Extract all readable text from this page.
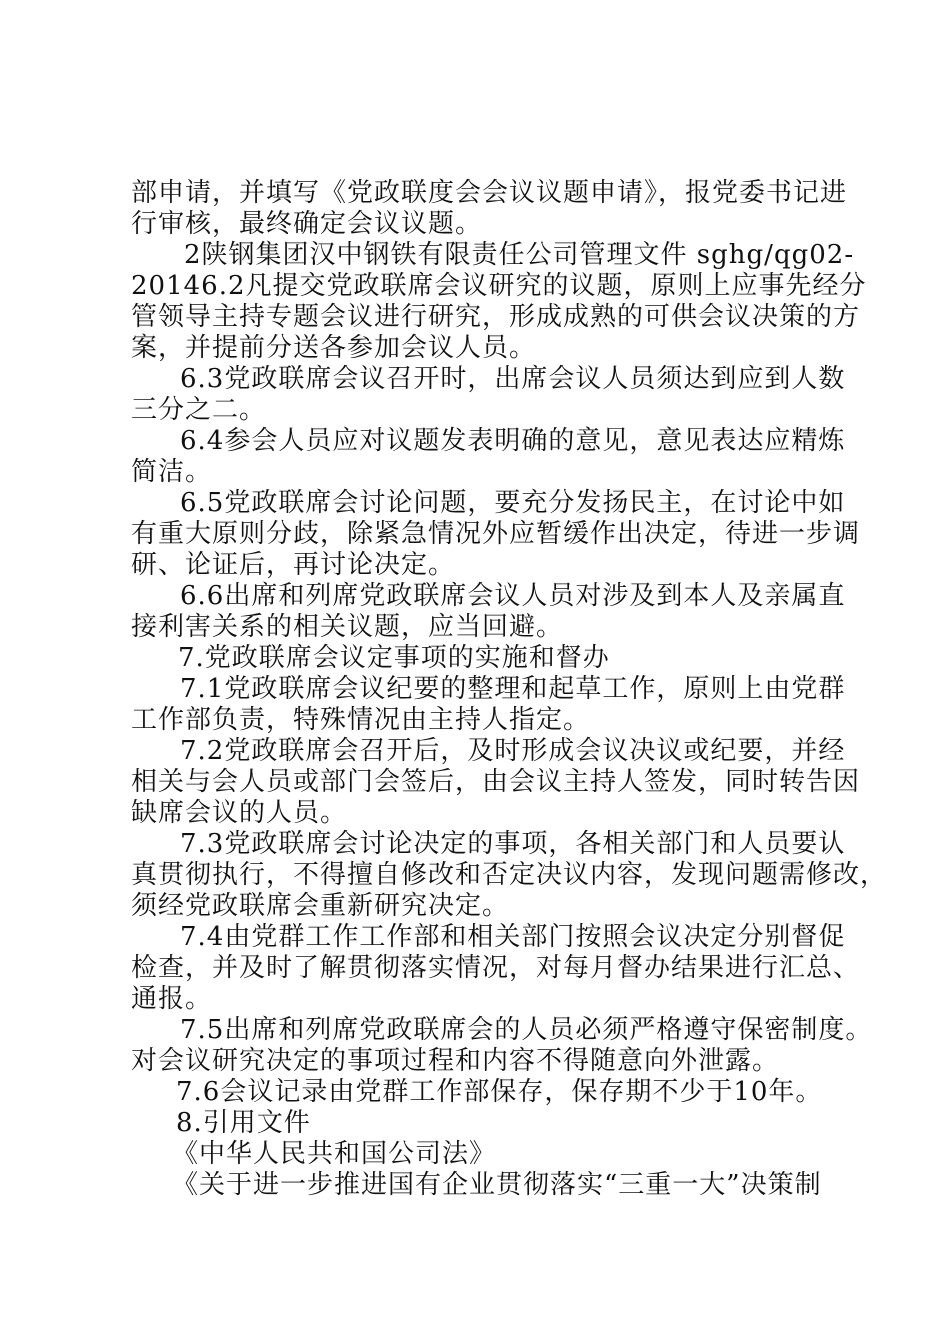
部申请，并填写《党政联度会会议议题申请》，报党委书记进
行审核，最终确定会议议题。
2陕钢集团汉中钢铁有限责任公司管理文件 sghg/qg02-
20146.2凡提交党政联席会议研究的议题，原则上应事先经分
管领导主持专题会议进行研究，形成成熟的可供会议决策的方
案，并提前分送各参加会议人员。
6.3党政联席会议召开时，出席会议人员须达到应到人数
三分之二。
6.4参会人员应对议题发表明确的意见，意见表达应精炼
简洁。
6.5党政联席会讨论问题，要充分发扬民主，在讨论中如
有重大原则分歧，除紧急情况外应暂缓作出决定，待进一步调
研、论证后，再讨论决定。
6.6出席和列席党政联席会议人员对涉及到本人及亲属直
接利害关系的相关议题，应当回避。
7.党政联席会议定事项的实施和督办
7.1党政联席会议纪要的整理和起草工作，原则上由党群
工作部负责，特殊情况由主持人指定。
7.2党政联席会召开后，及时形成会议决议或纪要，并经
相关与会人员或部门会签后，由会议主持人签发，同时转告因
缺席会议的人员。
7.3党政联席会讨论决定的事项，各相关部门和人员要认
真贯彻执行，不得擅自修改和否定决议内容，发现问题需修改，
须经党政联席会重新研究决定。
7.4由党群工作工作部和相关部门按照会议决定分别督促
检查，并及时了解贯彻落实情况，对每月督办结果进行汇总、
通报。
7.5出席和列席党政联席会的人员必须严格遵守保密制度。
对会议研究决定的事项过程和内容不得随意向外泄露。
7.6会议记录由党群工作部保存，保存期不少于10年。
8.引用文件
《中华人民共和国公司法》
《关于进一步推进国有企业贯彻落实“三重一大”决策制
